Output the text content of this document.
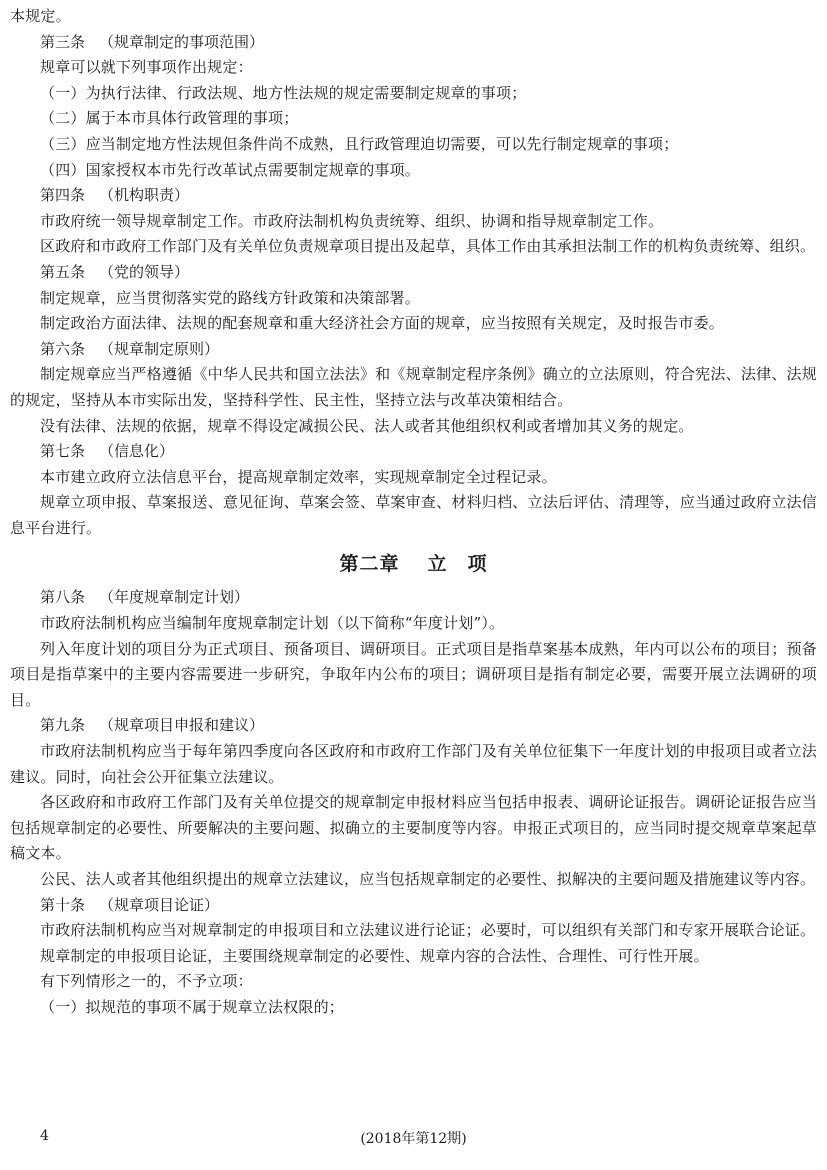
本规定。

第三条 （规章制定的事项范围）

规章可以就下列事项作出规定：

（一）为执行法律、行政法规、地方性法规的规定需要制定规章的事项；

（二）属于本市具体行政管理的事项；

（三）应当制定地方性法规但条件尚不成熟，且行政管理迫切需要，可以先行制定规章的事项；

（四）国家授权本市先行改革试点需要制定规章的事项。

第四条 （机构职责）

市政府统一领导规章制定工作。市政府法制机构负责统筹、组织、协调和指导规章制定工作。

区政府和市政府工作部门及有关单位负责规章项目提出及起草，具体工作由其承担法制工作的机构负责统筹、组织。

第五条 （党的领导）

制定规章，应当贯彻落实党的路线方针政策和决策部署。

制定政治方面法律、法规的配套规章和重大经济社会方面的规章，应当按照有关规定，及时报告市委。

第六条 （规章制定原则）

制定规章应当严格遵循《中华人民共和国立法法》和《规章制定程序条例》确立的立法原则，符合宪法、法律、法规的规定，坚持从本市实际出发，坚持科学性、民主性，坚持立法与改革决策相结合。

没有法律、法规的依据，规章不得设定减损公民、法人或者其他组织权利或者增加其义务的规定。

第七条 （信息化）

本市建立政府立法信息平台，提高规章制定效率，实现规章制定全过程记录。

规章立项申报、草案报送、意见征询、草案会签、草案审查、材料归档、立法后评估、清理等，应当通过政府立法信息平台进行。

第二章 立　项

第八条 （年度规章制定计划）

市政府法制机构应当编制年度规章制定计划（以下简称“年度计划”）。

列入年度计划的项目分为正式项目、预备项目、调研项目。正式项目是指草案基本成熟，年内可以公布的项目；预备项目是指草案中的主要内容需要进一步研究，争取年内公布的项目；调研项目是指有制定必要，需要开展立法调研的项目。

第九条 （规章项目申报和建议）

市政府法制机构应当于每年第四季度向各区政府和市政府工作部门及有关单位征集下一年度计划的申报项目或者立法建议。同时，向社会公开征集立法建议。

各区政府和市政府工作部门及有关单位提交的规章制定申报材料应当包括申报表、调研论证报告。调研论证报告应当包括规章制定的必要性、所要解决的主要问题、拟确立的主要制度等内容。申报正式项目的，应当同时提交规章草案起草稿文本。

公民、法人或者其他组织提出的规章立法建议，应当包括规章制定的必要性、拟解决的主要问题及措施建议等内容。

第十条 （规章项目论证）

市政府法制机构应当对规章制定的申报项目和立法建议进行论证；必要时，可以组织有关部门和专家开展联合论证。

规章制定的申报项目论证，主要围绕规章制定的必要性、规章内容的合法性、合理性、可行性开展。

有下列情形之一的，不予立项：

（一）拟规范的事项不属于规章立法权限的；

4	(2018年第12期)
